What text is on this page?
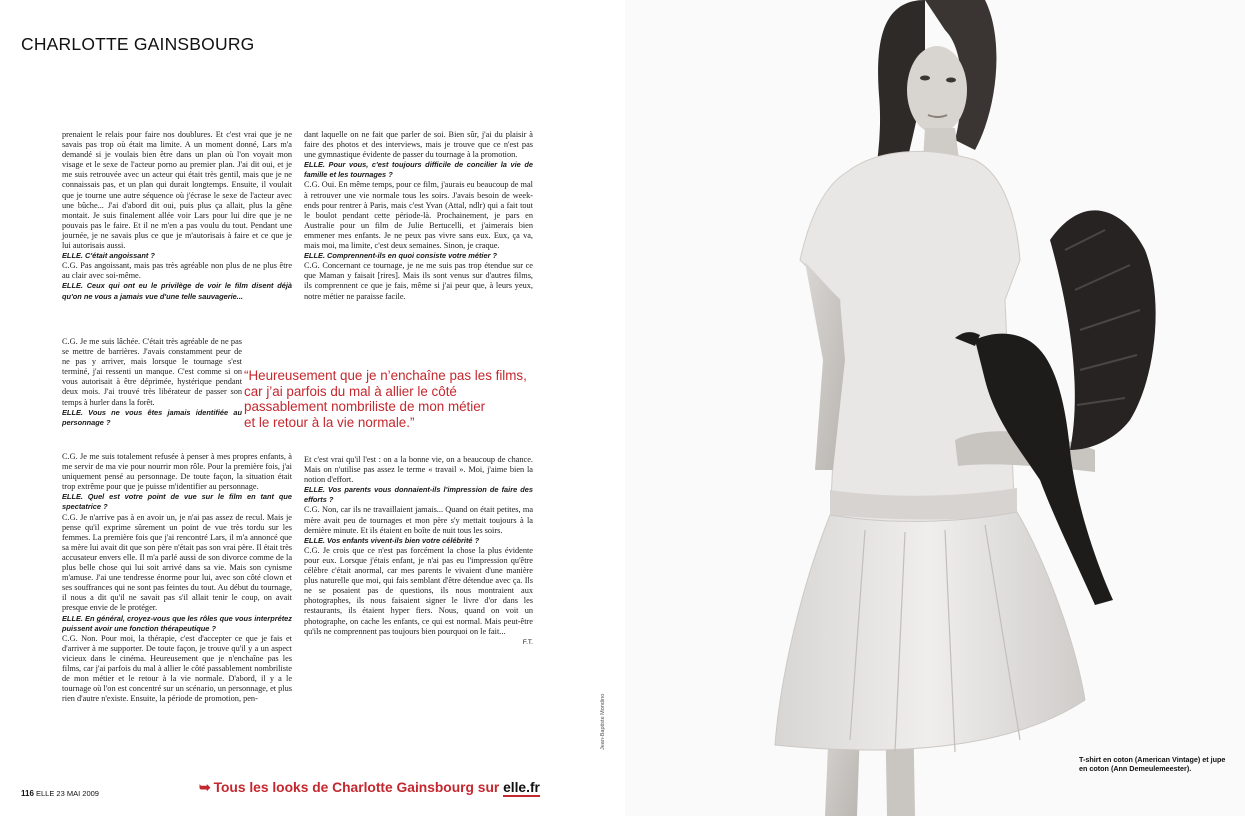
CHARLOTTE GAINSBOURG

prenaient le relais pour faire nos doublures. Et c'est vrai que je ne savais pas trop où était ma limite. A un moment donné, Lars m'a demandé si je voulais bien être dans un plan où l'on voyait mon visage et le sexe de l'acteur porno au premier plan. J'ai dit oui, et je me suis retrouvée avec un acteur qui était très gentil, mais que je ne connaissais pas, et un plan qui durait longtemps. Ensuite, il voulait que je tourne une autre séquence où j'écrase le sexe de l'acteur avec une bûche... J'ai d'abord dit oui, puis plus ça allait, plus la gêne montait. Je suis finalement allée voir Lars pour lui dire que je ne pouvais pas le faire. Et il ne m'en a pas voulu du tout. Pendant une journée, je ne savais plus ce que je m'autorisais à faire et ce que je lui autorisais aussi.

ELLE. C'était angoissant ?

C.G. Pas angoissant, mais pas très agréable non plus de ne plus être au clair avec soi-même.

ELLE. Ceux qui ont eu le privilège de voir le film disent déjà qu'on ne vous a jamais vue d'une telle sauvagerie...

C.G. Je me suis lâchée. C'était très agréable de ne pas se mettre de barrières. J'avais constamment peur de ne pas y arriver, mais lorsque le tournage s'est terminé, j'ai ressenti un manque. C'est comme si on vous autorisait à être déprimée, hystérique pendant deux mois. J'ai trouvé très libérateur de passer son temps à hurler dans la forêt.

ELLE. Vous ne vous êtes jamais identifiée au personnage ?

C.G. Je me suis totalement refusée à penser à mes propres enfants, à me servir de ma vie pour nourrir mon rôle. Pour la première fois, j'ai uniquement pensé au personnage. De toute façon, la situation était trop extrême pour que je puisse m'identifier au personnage.

ELLE. Quel est votre point de vue sur le film en tant que spectatrice ?

C.G. Je n'arrive pas à en avoir un, je n'ai pas assez de recul. Mais je pense qu'il exprime sûrement un point de vue très tordu sur les femmes. La première fois que j'ai rencontré Lars, il m'a annoncé que sa mère lui avait dit que son père n'était pas son vrai père. Il était très accusateur envers elle. Il m'a parlé aussi de son divorce comme de la plus belle chose qui lui soit arrivé dans sa vie. Mais son cynisme m'amuse. J'ai une tendresse énorme pour lui, avec son côté clown et ses souffrances qui ne sont pas feintes du tout. Au début du tournage, il nous a dit qu'il ne savait pas s'il allait tenir le coup, on avait presque envie de le protéger.

ELLE. En général, croyez-vous que les rôles que vous interprétez puissent avoir une fonction thérapeutique ?

C.G. Non. Pour moi, la thérapie, c'est d'accepter ce que je fais et d'arriver à me supporter. De toute façon, je trouve qu'il y a un aspect vicieux dans le cinéma. Heureusement que je n'enchaîne pas les films, car j'ai parfois du mal à allier le côté passablement nombriliste de mon métier et le retour à la vie normale. D'abord, il y a le tournage où l'on est concentré sur un scénario, un personnage, et plus rien d'autre n'existe. Ensuite, la période de promotion, pen-

dant laquelle on ne fait que parler de soi. Bien sûr, j'ai du plaisir à faire des photos et des interviews, mais je trouve que ce n'est pas une gymnastique évidente de passer du tournage à la promotion.

ELLE. Pour vous, c'est toujours difficile de concilier la vie de famille et les tournages ?

C.G. Oui. En même temps, pour ce film, j'aurais eu beaucoup de mal à retrouver une vie normale tous les soirs. J'avais besoin de week-ends pour rentrer à Paris, mais c'est Yvan (Attal, ndlr) qui a fait tout le boulot pendant cette période-là. Prochainement, je pars en Australie pour un film de Julie Bertucelli, et j'aimerais bien emmener mes enfants. Je ne peux pas vivre sans eux. Eux, ça va, mais moi, ma limite, c'est deux semaines. Sinon, je craque.

ELLE. Comprennent-ils en quoi consiste votre métier ?

C.G. Concernant ce tournage, je ne me suis pas trop étendue sur ce que Maman y faisait [rires]. Mais ils sont venus sur d'autres films, ils comprennent ce que je fais, même si j'ai peur que, à leurs yeux, notre métier ne paraisse facile.

Et c'est vrai qu'il l'est : on a la bonne vie, on a beaucoup de chance. Mais on n'utilise pas assez le terme « travail ». Moi, j'aime bien la notion d'effort.

ELLE. Vos parents vous donnaient-ils l'impression de faire des efforts ?

C.G. Non, car ils ne travaillaient jamais... Quand on était petites, ma mère avait peu de tournages et mon père s'y mettait toujours à la dernière minute. Et ils étaient en boîte de nuit tous les soirs.

ELLE. Vos enfants vivent-ils bien votre célébrité ?

C.G. Je crois que ce n'est pas forcément la chose la plus évidente pour eux. Lorsque j'étais enfant, je n'ai pas eu l'impression qu'être célèbre c'était anormal, car mes parents le vivaient d'une manière plus naturelle que moi, qui fais semblant d'être détendue avec ça. Ils ne se posaient pas de questions, ils nous montraient aux photographes, ils nous faisaient signer le livre d'or dans les restaurants, ils étaient hyper fiers. Nous, quand on voit un photographe, on cache les enfants, ce qui est normal. Mais peut-être qu'ils ne comprennent pas toujours bien pourquoi on le fait...

F.T.

“Heureusement que je n’enchaîne pas les films,
car j’ai parfois du mal à allier le côté
passablement nombriliste de mon métier
et le retour à la vie normale.”
116 ELLE 23 MAI 2009	➥ Tous les looks de Charlotte Gainsbourg sur elle.fr
Jean-Baptiste Mondino
T-shirt en coton (American Vintage) et jupe en coton (Ann Demeulemeester).
